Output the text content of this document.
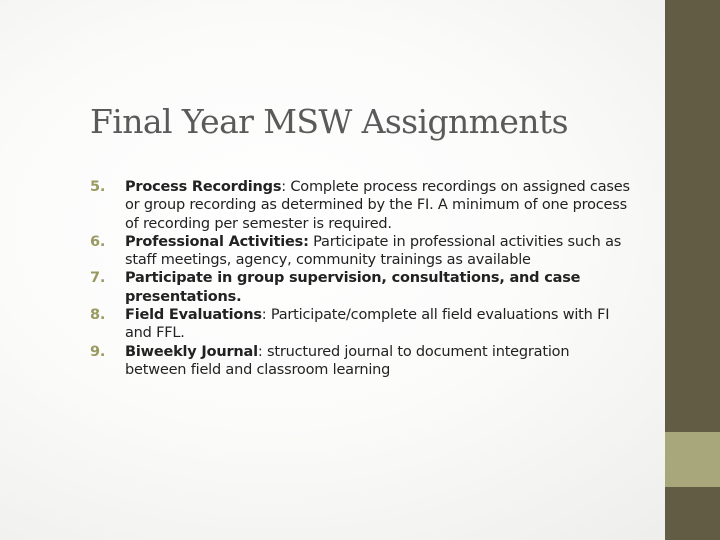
Final Year MSW Assignments
5. Process Recordings: Complete process recordings on assigned cases or group recording as determined by the FI. A minimum of one process of recording per semester is required.
6. Professional Activities: Participate in professional activities such as staff meetings, agency, community trainings as available
7. Participate in group supervision, consultations, and case presentations.
8. Field Evaluations: Participate/complete all field evaluations with FI and FFL.
9. Biweekly Journal: structured journal to document integration between field and classroom learning
